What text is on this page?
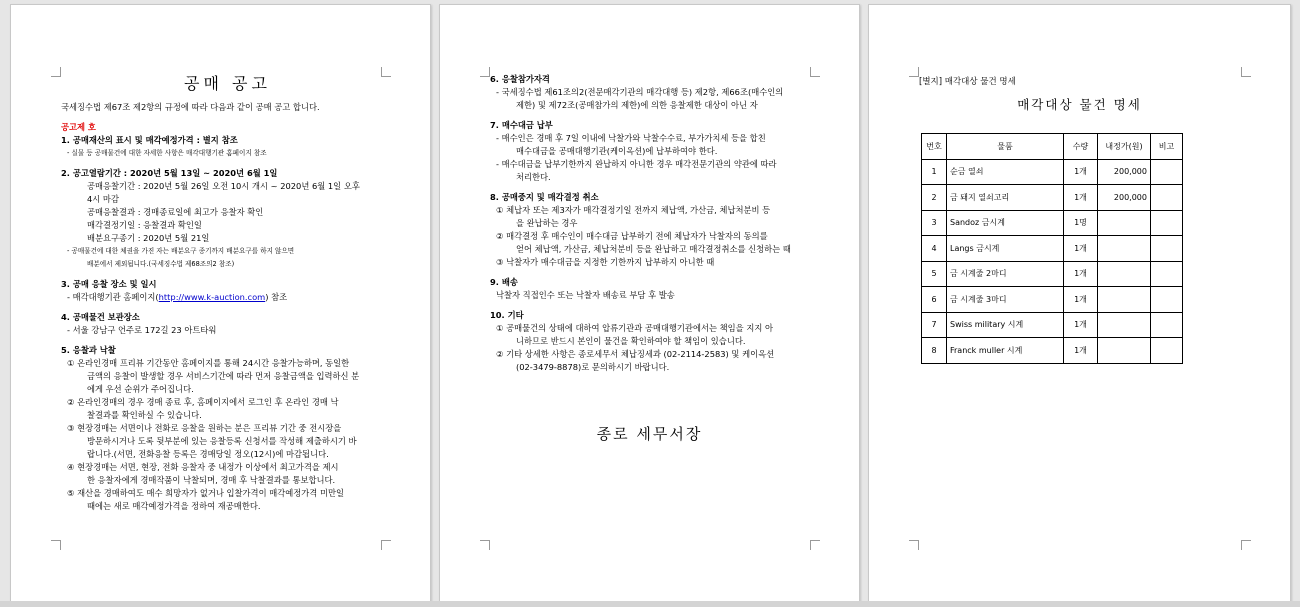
공매 공고

국세징수법 제67조 제2항의 규정에 따라 다음과 같이 공매 공고 합니다.

공고제 호

1. 공매재산의 표시 및 매각예정가격 : 별지 참조

- 실물 등 공매물건에 대한 자세한 사항은 매각대행기관 홈페이지 참조

2. 공고열람기간 : 2020년 5월 13일 ~ 2020년 6월 1일

공매응찰기간 : 2020년 5월 26일 오전 10시 개시 ~ 2020년 6월 1일 오후

4시 마감

공매응찰결과 : 경매종료일에 최고가 응찰자 확인

매각결정기일 : 응찰결과 확인일

배분요구종기 : 2020년 5월 21일

- 공매물건에 대한 체권을 가진 자는 배분요구 종기까지 배분요구를 하지 않으면

배분에서 제외됩니다.(국세징수법 제68조의2 참조)

3. 공매 응찰 장소 및 일시

- 매각대행기관 홈페이지(http://www.k-auction.com) 참조

4. 공매물건 보관장소

- 서울 강남구 언주로 172길 23 아트타워

5. 응찰과 낙찰

① 온라인경매 프리뷰 기간동안 홈페이지를 통해 24시간 응찰가능하며, 동일한

금액의 응찰이 발생할 경우 서비스기간에 따라 먼저 응찰금액을 입력하신 분

에게 우선 순위가 주어집니다.

② 온라인경매의 경우 경매 종료 후, 홈페이지에서 로그인 후 온라인 경매 낙

찰결과를 확인하실 수 있습니다.

③ 현장경매는 서면이나 전화로 응찰을 원하는 분은 프리뷰 기간 중 전시장을

방문하시거나 도록 뒷부분에 있는 응찰등록 신청서를 작성해 제출하시기 바

랍니다.(서면, 전화응찰 등록은 경매당일 정오(12시)에 마감됩니다.

④ 현장경매는 서면, 현장, 전화 응찰자 중 내정가 이상에서 최고가격을 제시

한 응찰자에게 경매작품이 낙찰되며, 경매 후 낙찰결과를 통보합니다.

⑤ 재산을 경매하여도 매수 희망자가 없거나 입찰가격이 매각예정가격 미만일

때에는 새로 매각예정가격을 정하여 재공매한다.

6. 응찰참가자격

- 국세징수법 제61조의2(전문매각기관의 매각대행 등) 제2항, 제66조(매수인의

제한) 및 제72조(공매참가의 제한)에 의한 응찰제한 대상이 아닌 자

7. 매수대금 납부

- 매수인은 경매 후 7일 이내에 낙찰가와 낙찰수수료, 부가가치세 등을 합친

매수대금을 공매대행기관(케이옥션)에 납부하여야 한다.

- 매수대금을 납부기한까지 완납하지 아니한 경우 매각전문기관의 약관에 따라

처리한다.

8. 공매중지 및 매각결정 취소

① 체납자 또는 제3자가 매각결정기일 전까지 체납액, 가산금, 체납처분비 등

을 완납하는 경우

② 매각결정 후 매수인이 매수대금 납부하기 전에 체납자가 낙찰자의 동의를

얻어 체납액, 가산금, 체납처분비 등을 완납하고 매각결정취소를 신청하는 때

③ 낙찰자가 매수대금을 지정한 기한까지 납부하지 아니한 때

9. 배송

낙찰자 직접인수 또는 낙찰자 배송료 부담 후 발송

10. 기타

① 공매물건의 상태에 대하여 압류기관과 공매대행기관에서는 책임을 지지 아

니하므로 반드시 본인이 물건을 확인하여야 할 책임이 있습니다.

② 기타 상세한 사항은 종로세무서 체납징세과 (02-2114-2583) 및 케이옥션

(02-3479-8878)로 문의하시기 바랍니다.

종로 세무서장
[별지] 매각대상 물건 명세
매각대상 물건 명세
번호	물품	수량	내정가(원)	비고
1	순금 열쇠	1개	200,000	
2	금 돼지 열쇠고리	1개	200,000	
3	Sandoz 금시계	1명		
4	Langs 금시계	1개		
5	금 시계줄 2마디	1개		
6	금 시계줄 3마디	1개		
7	Swiss military 시계	1개		
8	Franck muller 시계	1개		
